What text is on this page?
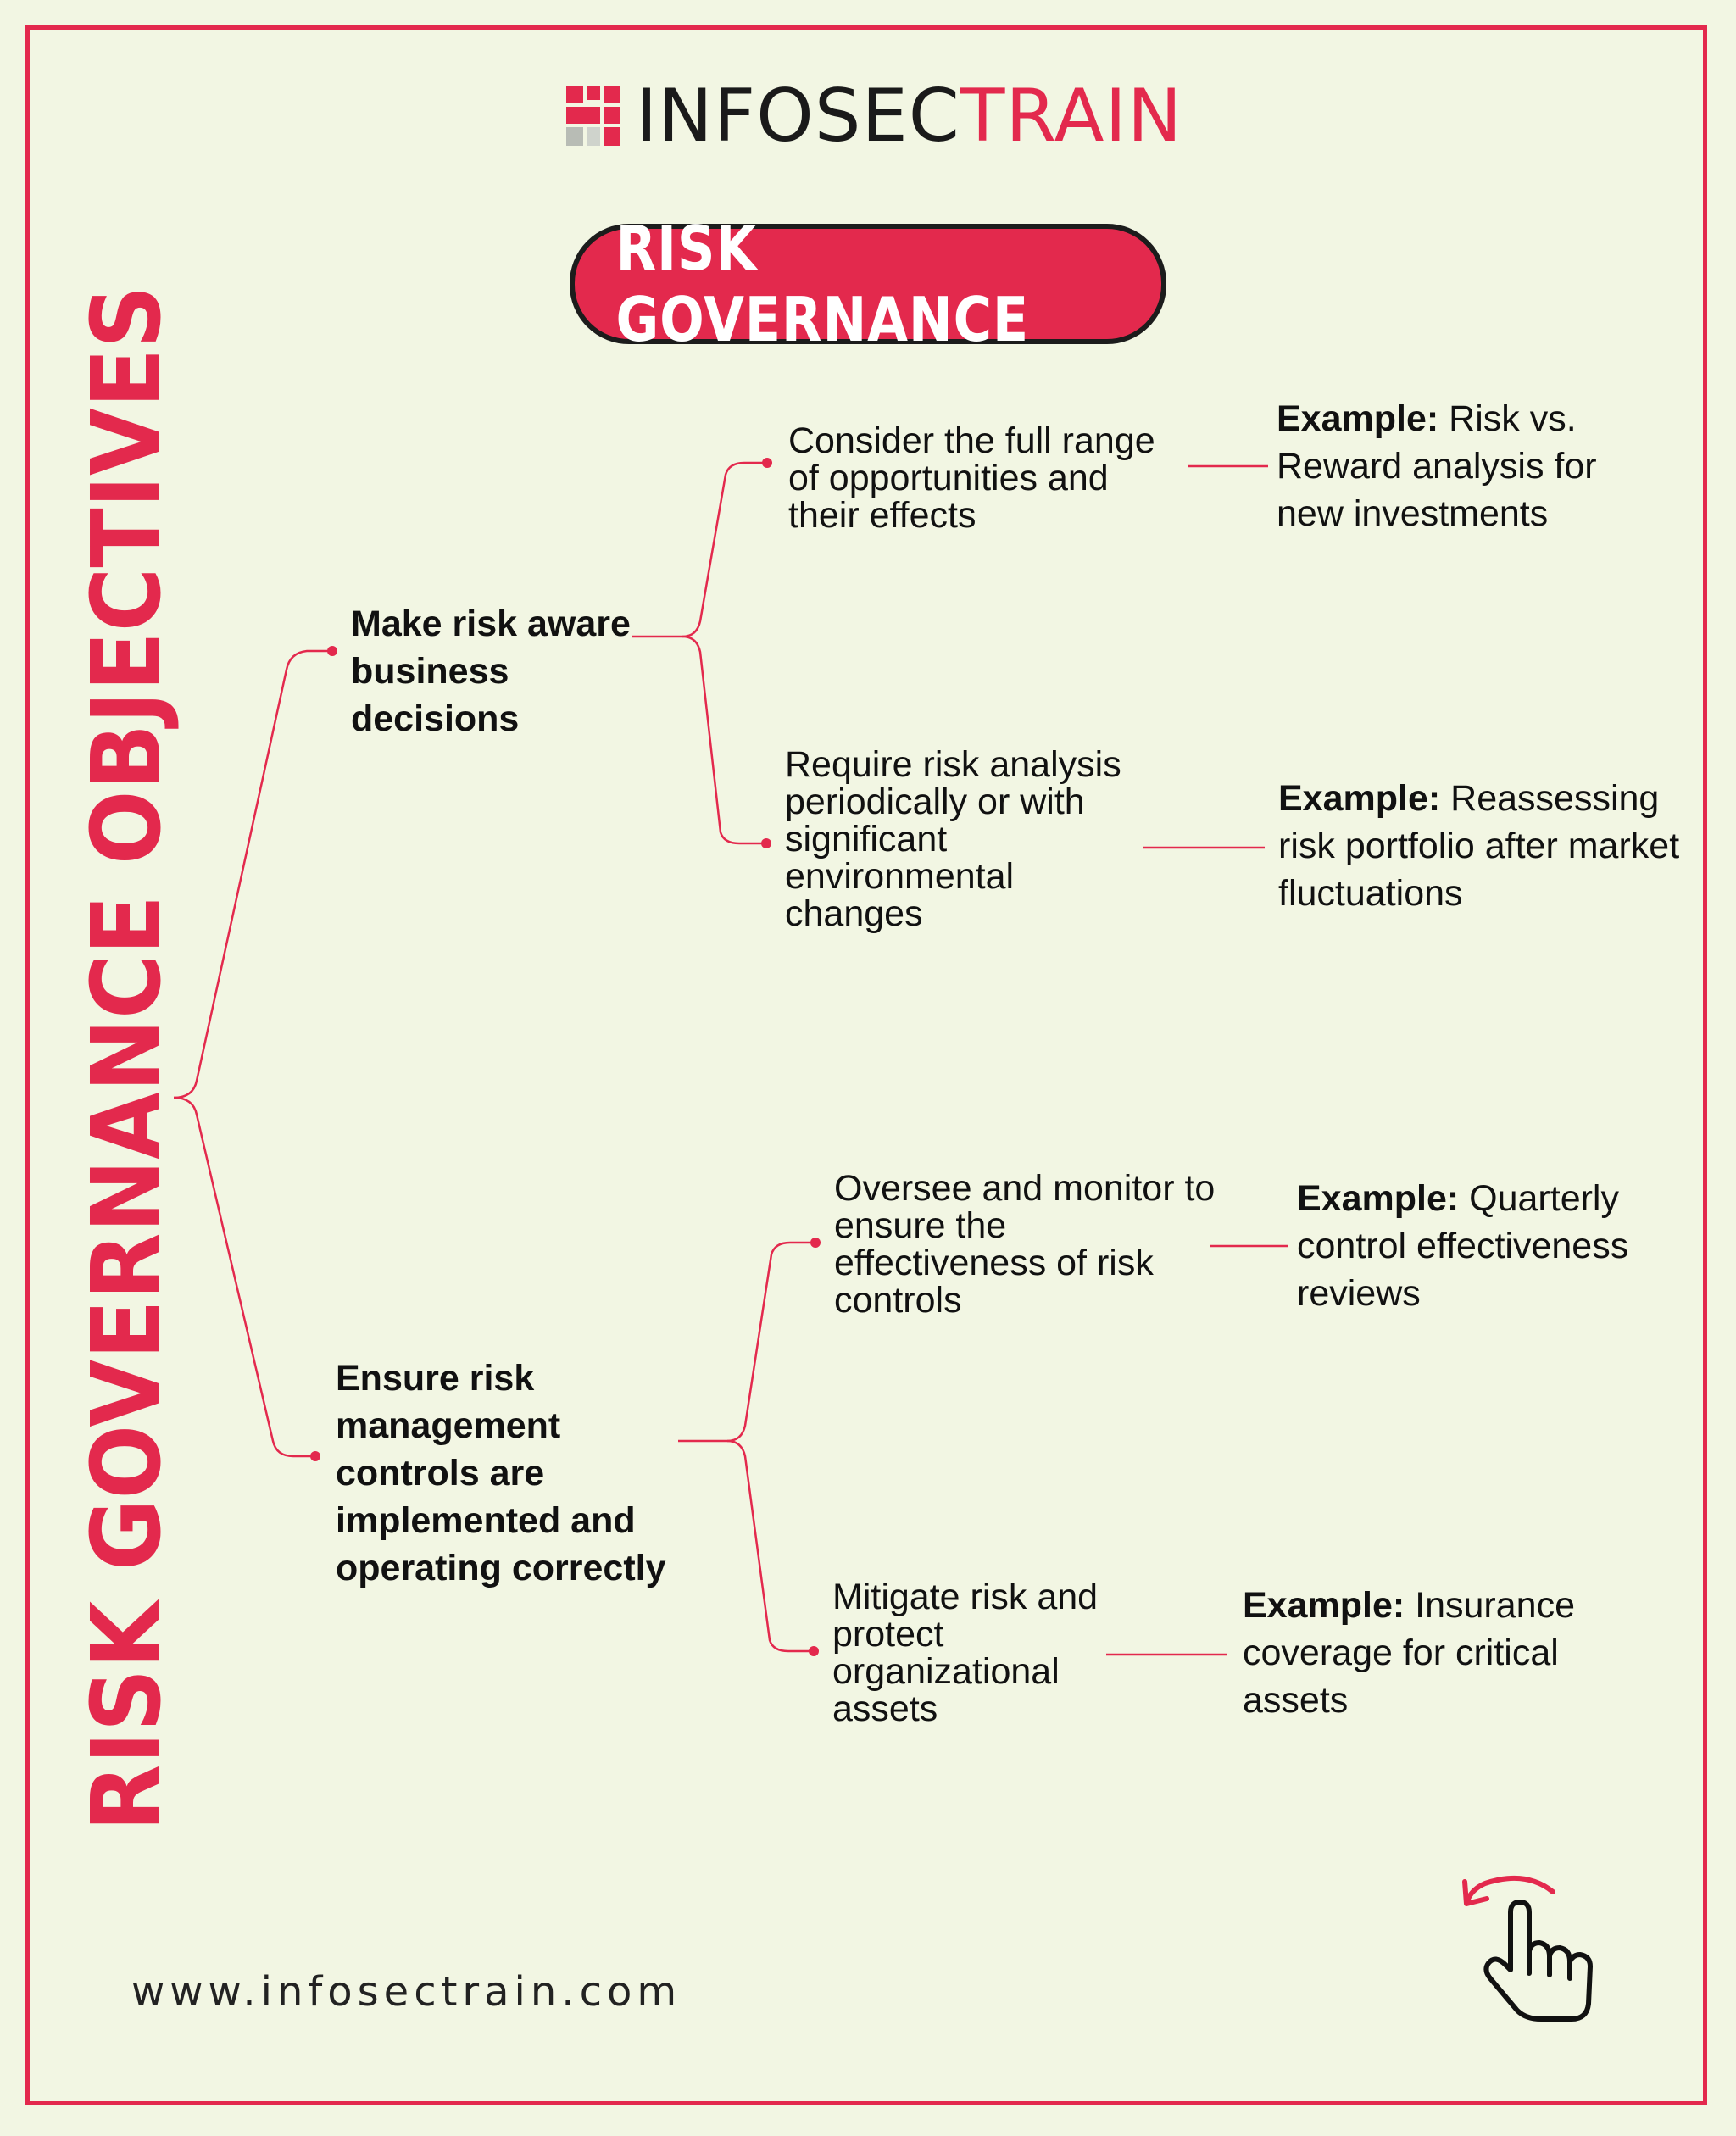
INFOSECTRAIN
RISK GOVERNANCE
RISK GOVERNANCE OBJECTIVES	Make risk aware business decisions
Consider the full range of opportunities and their effects
Example: Risk vs. Reward analysis for new investments
Require risk analysis periodically or with significant environmental changes
Example: Reassessing risk portfolio after market fluctuations
Ensure risk management controls are implemented and operating correctly
Oversee and monitor to ensure the effectiveness of risk controls
Example: Quarterly control effectiveness reviews
Mitigate risk and protect organizational assets
Example: Insurance coverage for critical assets
www.infosectrain.com
